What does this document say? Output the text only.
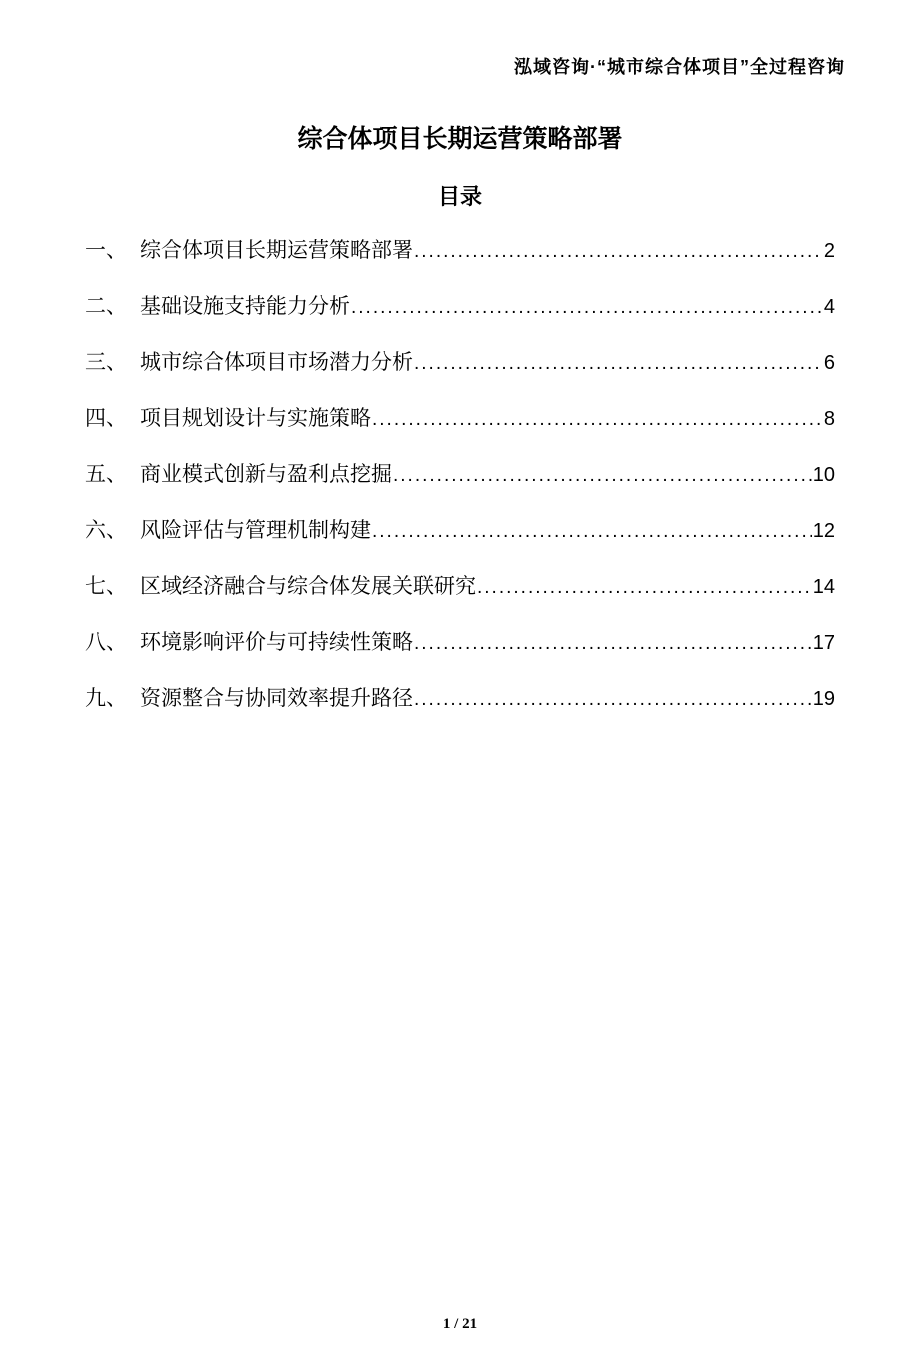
泓域咨询·“城市综合体项目”全过程咨询
综合体项目长期运营策略部署
目录
一、 综合体项目长期运营策略部署 .....	2
二、 基础设施支持能力分析 .....	4
三、 城市综合体项目市场潜力分析 .....	6
四、 项目规划设计与实施策略 .....	8
五、 商业模式创新与盈利点挖掘 .....	10
六、 风险评估与管理机制构建 .....	12
七、 区域经济融合与综合体发展关联研究 .....	14
八、 环境影响评价与可持续性策略 .....	17
九、 资源整合与协同效率提升路径 .....	19
1 / 21
